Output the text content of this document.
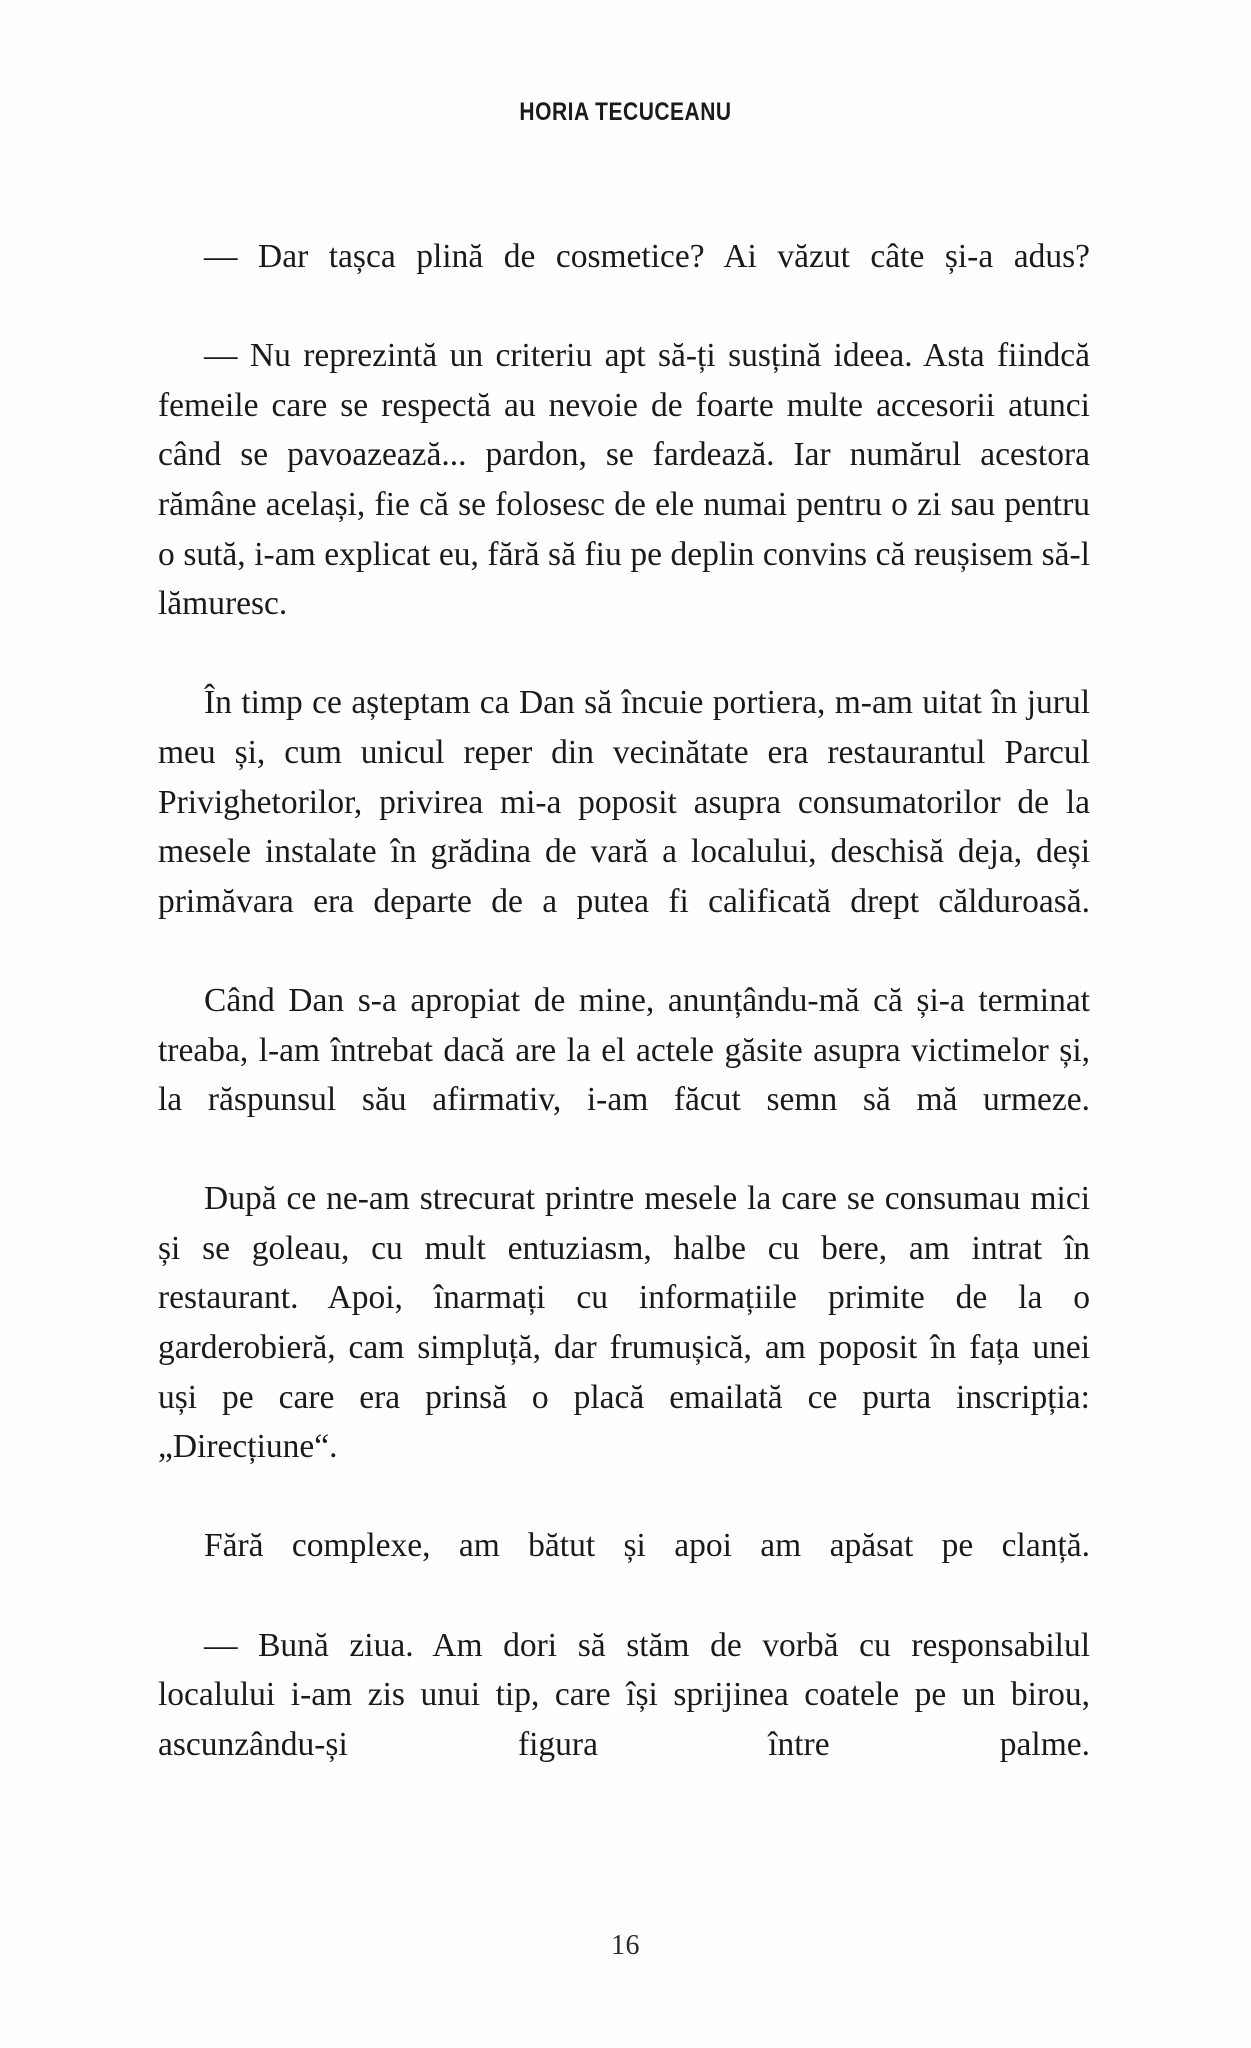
HORIA TECUCEANU

— Dar tașca plină de cosmetice? Ai văzut câte și-a adus?

— Nu reprezintă un criteriu apt să-ți susțină ideea. Asta fiindcă femeile care se respectă au nevoie de foarte multe accesorii atunci când se pavoazează... pardon, se fardează. Iar numărul acestora rămâne același, fie că se folosesc de ele numai pentru o zi sau pentru o sută, i-am explicat eu, fără să fiu pe deplin convins că reușisem să-l lămuresc.

În timp ce așteptam ca Dan să încuie portiera, m-am uitat în jurul meu și, cum unicul reper din vecinătate era restaurantul Parcul Privighetorilor, privirea mi-a poposit asupra consumatorilor de la mesele instalate în grădina de vară a localului, deschisă deja, deși primăvara era departe de a putea fi calificată drept călduroasă.

Când Dan s-a apropiat de mine, anunțându-mă că și-a terminat treaba, l-am întrebat dacă are la el actele găsite asupra victimelor și, la răspunsul său afirmativ, i-am făcut semn să mă urmeze.

După ce ne-am strecurat printre mesele la care se consumau mici și se goleau, cu mult entuziasm, halbe cu bere, am intrat în restaurant. Apoi, înarmați cu informațiile primite de la o garderobieră, cam simpluță, dar frumușică, am poposit în fața unei uși pe care era prinsă o placă emailată ce purta inscripția: „Direcțiune“.

Fără complexe, am bătut și apoi am apăsat pe clanță.

— Bună ziua. Am dori să stăm de vorbă cu responsabilul localului i-am zis unui tip, care își sprijinea coatele pe un birou, ascunzându-și figura între palme.

16
